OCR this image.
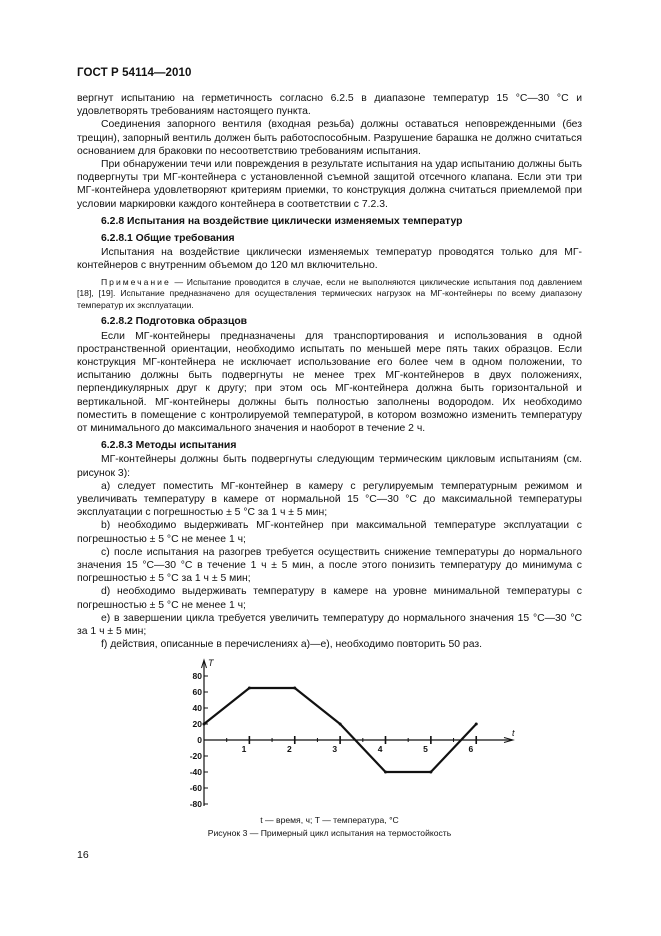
ГОСТ Р 54114—2010

вергнут испытанию на герметичность согласно 6.2.5 в диапазоне температур 15 °С—30 °С и удовлетворять требованиям настоящего пункта.

Соединения запорного вентиля (входная резьба) должны оставаться неповрежденными (без трещин), запорный вентиль должен быть работоспособным. Разрушение барашка не должно считаться основанием для браковки по несоответствию требованиям испытания.

При обнаружении течи или повреждения в результате испытания на удар испытанию должны быть подвергнуты три МГ-контейнера с установленной съемной защитой отсечного клапана. Если эти три МГ-контейнера удовлетворяют критериям приемки, то конструкция должна считаться приемлемой при условии маркировки каждого контейнера в соответствии с 7.2.3.

6.2.8 Испытания на воздействие циклически изменяемых температур

6.2.8.1 Общие требования

Испытания на воздействие циклически изменяемых температур проводятся только для МГ-контейнеров с внутренним объемом до 120 мл включительно.

Примечание — Испытание проводится в случае, если не выполняются циклические испытания под давлением [18], [19]. Испытание предназначено для осуществления термических нагрузок на МГ-контейнеры по всему диапазону температур их эксплуатации.

6.2.8.2 Подготовка образцов

Если МГ-контейнеры предназначены для транспортирования и использования в одной пространственной ориентации, необходимо испытать по меньшей мере пять таких образцов. Если конструкция МГ-контейнера не исключает использование его более чем в одном положении, то испытанию должны быть подвергнуты не менее трех МГ-контейнеров в двух положениях, перпендикулярных друг к другу; при этом ось МГ-контейнера должна быть горизонтальной и вертикальной. МГ-контейнеры должны быть полностью заполнены водородом. Их необходимо поместить в помещение с контролируемой температурой, в котором возможно изменить температуру от минимального до максимального значения и наоборот в течение 2 ч.

6.2.8.3 Методы испытания

МГ-контейнеры должны быть подвергнуты следующим термическим цикловым испытаниям (см. рисунок 3):

а) следует поместить МГ-контейнер в камеру с регулируемым температурным режимом и увеличивать температуру в камере от нормальной 15 °С—30 °С до максимальной температуры эксплуатации с погрешностью ± 5 °С за 1 ч ± 5 мин;

b) необходимо выдерживать МГ-контейнер при максимальной температуре эксплуатации с погрешностью ± 5 °С не менее 1 ч;

c) после испытания на разогрев требуется осуществить снижение температуры до нормального значения 15 °С—30 °С в течение 1 ч ± 5 мин, а после этого понизить температуру до минимума с погрешностью ± 5 °С за 1 ч ± 5 мин;

d) необходимо выдерживать температуру в камере на уровне минимальной температуры с погрешностью ± 5 °С не менее 1 ч;

e) в завершении цикла требуется увеличить температуру до нормального значения 15 °С—30 °С за 1 ч ± 5 мин;

f) действия, описанные в перечислениях а)—е), необходимо повторить 50 раз.

T
t
80
60
40
20
0
-20
-40
-60
-80
1	2	3	4	5	6
t — время, ч; T — температура, °С
Рисунок 3 — Примерный цикл испытания на термостойкость
16
